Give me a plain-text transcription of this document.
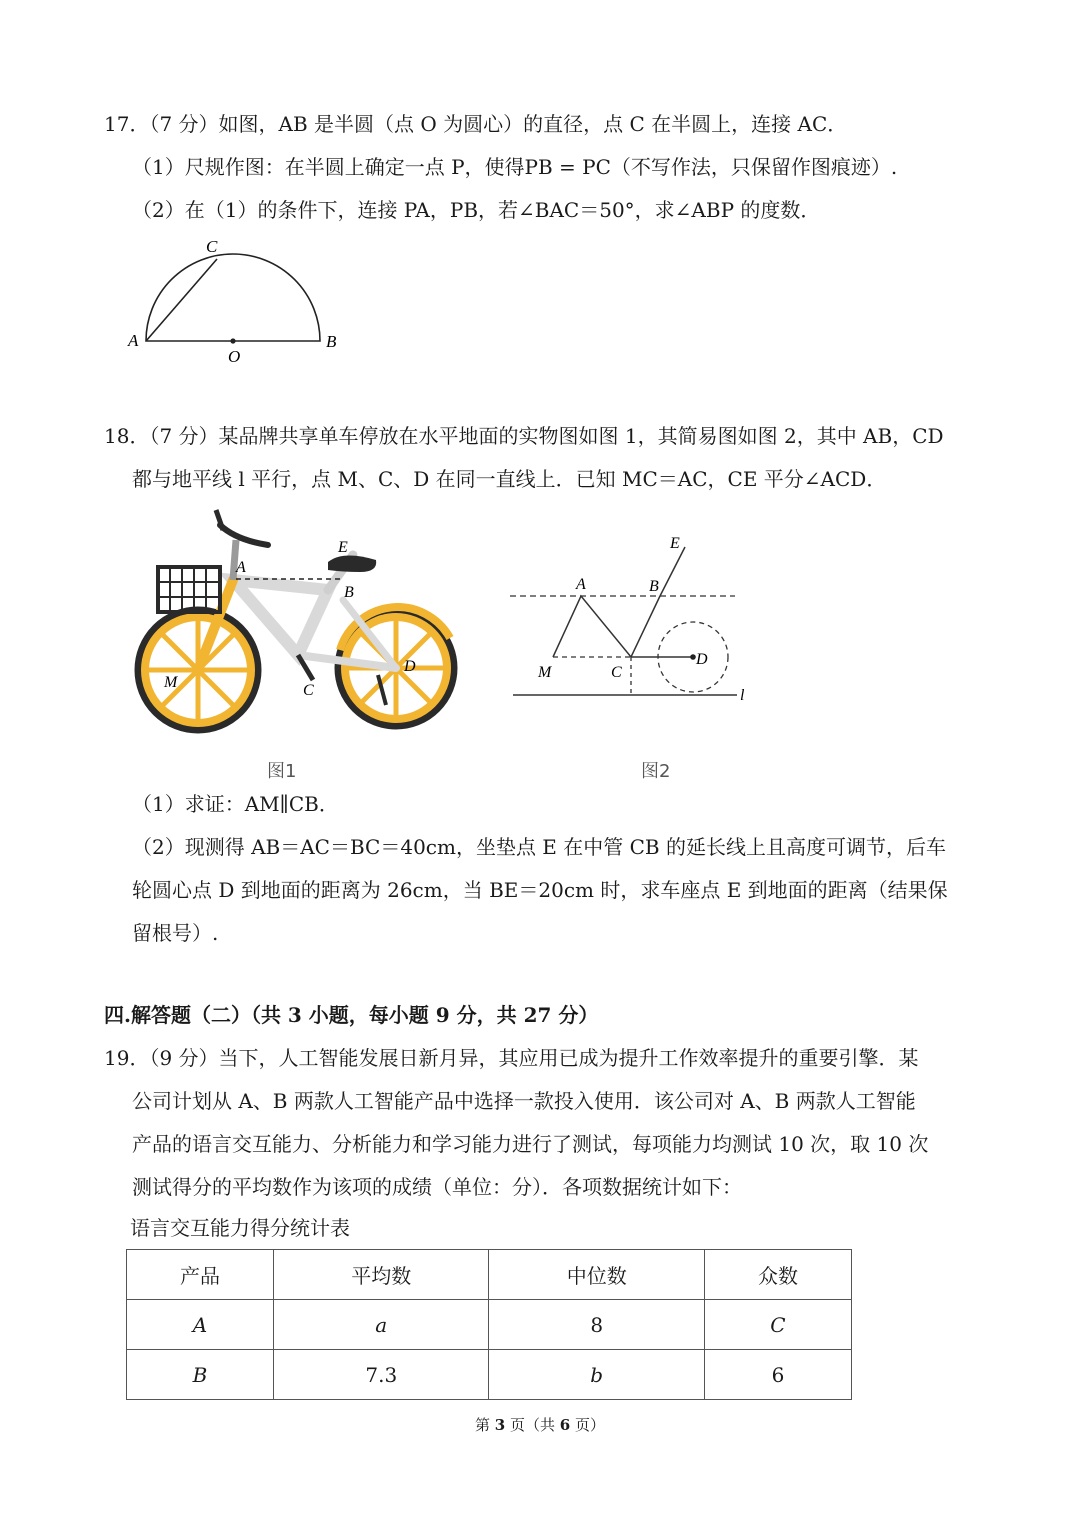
17．（7 分）如图，AB 是半圆（点 O 为圆心）的直径，点 C 在半圆上，连接 AC．
（1）尺规作图：在半圆上确定一点 P，使得PB = PC（不写作法，只保留作图痕迹）.
（2）在（1）的条件下，连接 PA，PB，若∠BAC＝50°，求∠ABP 的度数．
A	B
C
O
18．（7 分）某品牌共享单车停放在水平地面的实物图如图 1，其简易图如图 2，其中 AB，CD
都与地平线 l 平行，点 M、C、D 在同一直线上．已知 MC＝AC，CE 平分∠ACD．
A
B
C
D
E
M
图1
A	B
C
D
E
M
l
图2
（1）求证：AM∥CB．
（2）现测得 AB＝AC＝BC＝40cm，坐垫点 E 在中管 CB 的延长线上且高度可调节，后车
轮圆心点 D 到地面的距离为 26cm，当 BE＝20cm 时，求车座点 E 到地面的距离（结果保
留根号）.
四.解答题（二）（共 3 小题，每小题 9 分，共 27 分）
19．（9 分）当下，人工智能发展日新月异，其应用已成为提升工作效率提升的重要引擎．某
公司计划从 A、B 两款人工智能产品中选择一款投入使用．该公司对 A、B 两款人工智能
产品的语言交互能力、分析能力和学习能力进行了测试，每项能力均测试 10 次，取 10 次
测试得分的平均数作为该项的成绩（单位：分）．各项数据统计如下：
语言交互能力得分统计表
产品	平均数	中位数	众数
A	a	8	C
B	7.3	b	6
第 3 页（共 6 页）
